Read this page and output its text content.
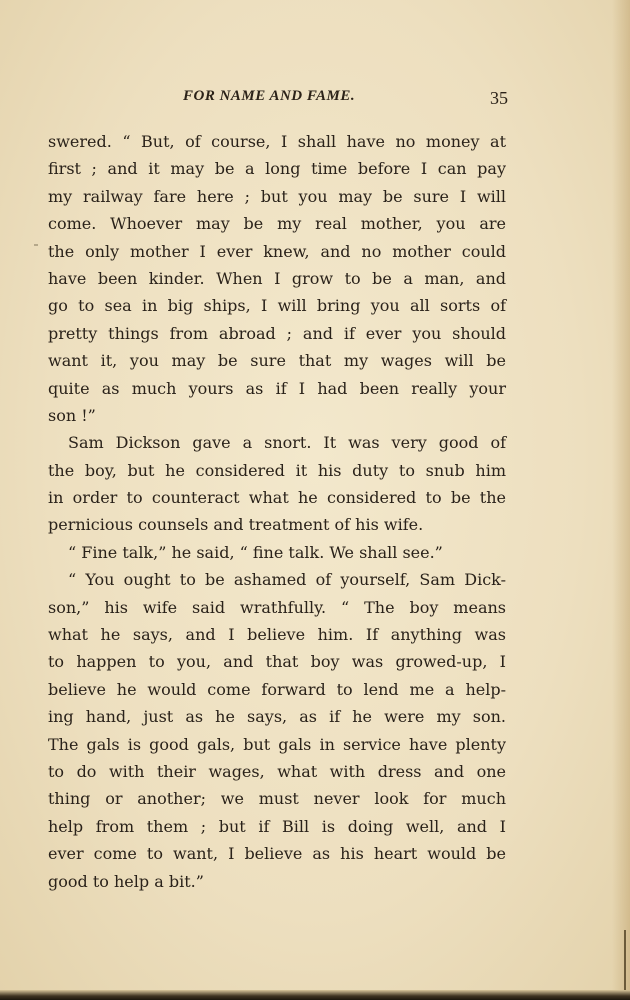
FOR NAME AND FAME.	35
swered. “ But, of course, I shall have no money at
first ; and it may be a long time before I can pay
my railway fare here ; but you may be sure I will
come. Whoever may be my real mother, you are
the only mother I ever knew, and no mother could
have been kinder. When I grow to be a man, and
go to sea in big ships, I will bring you all sorts of
pretty things from abroad ; and if ever you should
want it, you may be sure that my wages will be
quite as much yours as if I had been really your
son !”
Sam Dickson gave a snort. It was very good of
the boy, but he considered it his duty to snub him
in order to counteract what he considered to be the
pernicious counsels and treatment of his wife.
“ Fine talk,” he said, “ fine talk. We shall see.”
“ You ought to be ashamed of yourself, Sam Dick-
son,” his wife said wrathfully. “ The boy means
what he says, and I believe him. If anything was
to happen to you, and that boy was growed-up, I
believe he would come forward to lend me a help-
ing hand, just as he says, as if he were my son.
The gals is good gals, but gals in service have plenty
to do with their wages, what with dress and one
thing or another; we must never look for much
help from them ; but if Bill is doing well, and I
ever come to want, I believe as his heart would be
good to help a bit.”
